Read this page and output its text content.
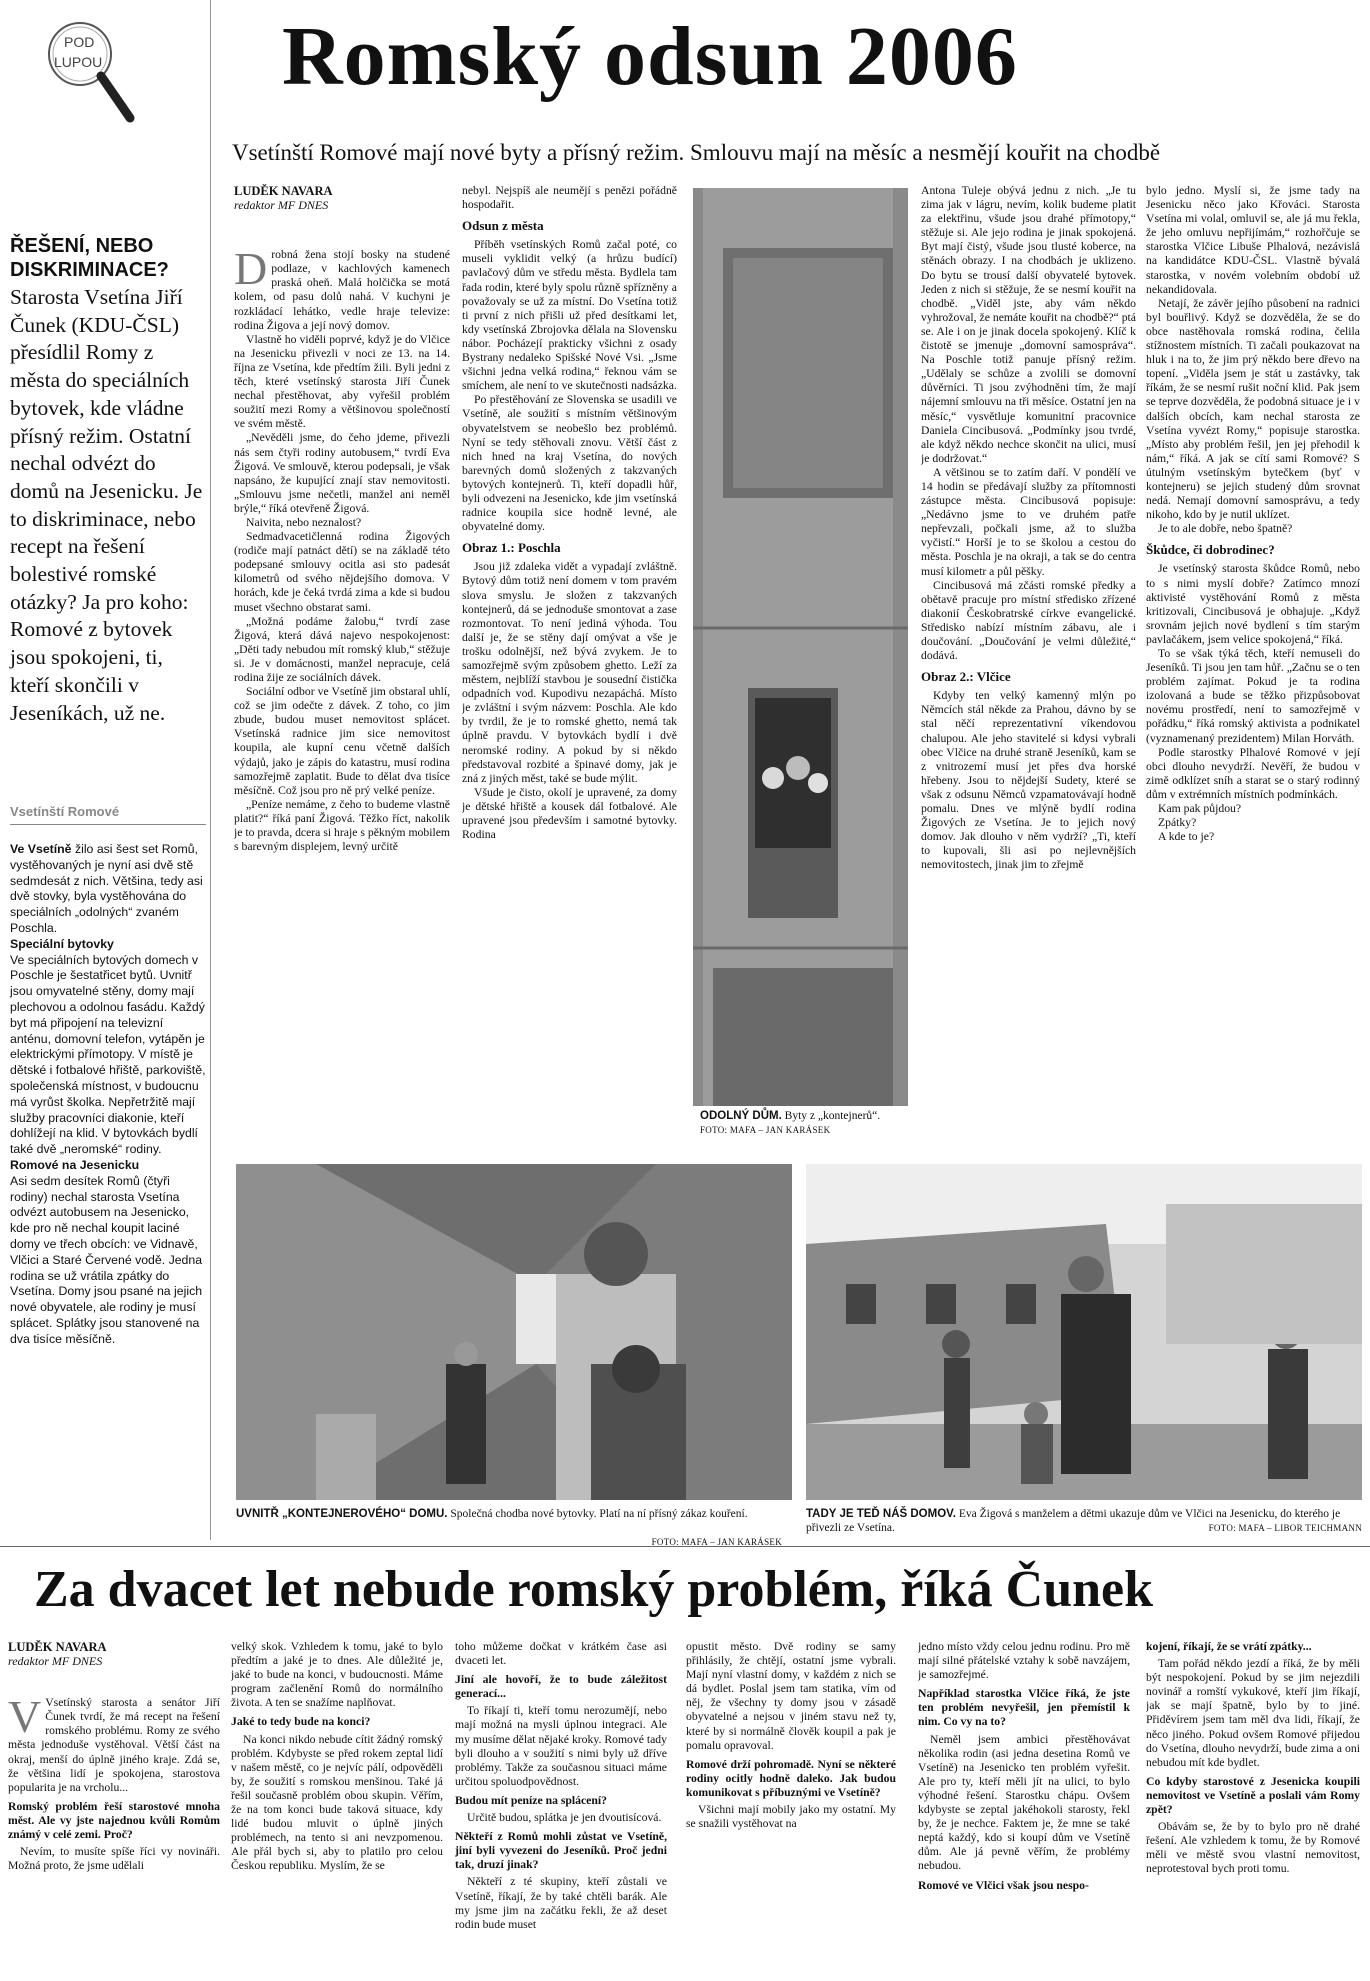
POD
LUPOU Romský odsun 2006
Vsetínští Romové mají nové byty a přísný režim. Smlouvu mají na měsíc a nesmějí kouřit na chodbě
ŘEŠENÍ, NEBO DISKRIMINACE?
Starosta Vsetína Jiří Čunek (KDU-ČSL) přesídlil Romy z města do speciálních bytovek, kde vládne přísný režim. Ostatní nechal odvézt do domů na Jesenicku. Je to diskriminace, nebo recept na řešení bolestivé romské otázky? Ja pro koho: Romové z bytovek jsou spokojeni, ti, kteří skončili v Jeseníkách, už ne.
Vsetínští Romové
Ve Vsetíně žilo asi šest set Romů, vystěhovaných je nyní asi dvě stě sedmdesát z nich. Většina, tedy asi dvě stovky, byla vystěhována do speciálních „odolných“ zvaném Poschla.
Speciální bytovky
Ve speciálních bytových domech v Poschle je šestatřicet bytů. Uvnitř jsou omyvatelné stěny, domy mají plechovou a odolnou fasádu. Každý byt má připojení na televizní anténu, domovní telefon, vytápěn je elektrickými přímotopy. V místě je dětské i fotbalové hřiště, parkoviště, společenská místnost, v budoucnu má vyrůst školka. Nepřetržitě mají služby pracovníci diakonie, kteří dohlížejí na klid. V bytovkách bydlí také dvě „neromské“ rodiny.
Romové na Jesenicku
Asi sedm desítek Romů (čtyři rodiny) nechal starosta Vsetína odvézt autobusem na Jesenicko, kde pro ně nechal koupit laciné domy ve třech obcích: ve Vidnavě, Vlčici a Staré Červené vodě. Jedna rodina se už vrátila zpátky do Vsetína. Domy jsou psané na jejich nové obyvatele, ale rodiny je musí splácet. Splátky jsou stanovené na dva tisíce měsíčně.
LUDĚK NAVARA
redaktor MF DNES

Drobná žena stojí bosky na studené podlaze, v kachlových kamenech praská oheň. Malá holčička se motá kolem, od pasu dolů nahá. V kuchyni je rozkládací lehátko, vedle hraje televize: rodina Žigova a její nový domov.

Vlastně ho viděli poprvé, když je do Vlčice na Jesenicku přivezli v noci ze 13. na 14. října ze Vsetína, kde předtím žili. Byli jedni z těch, které vsetínský starosta Jiří Čunek nechal přestěhovat, aby vyřešil problém soužití mezi Romy a většinovou společností ve svém městě.

„Nevěděli jsme, do čeho jdeme, přivezli nás sem čtyři rodiny autobusem,“ tvrdí Eva Žigová. Ve smlouvě, kterou podepsali, je však napsáno, že kupující znají stav nemovitosti. „Smlouvu jsme nečetli, manžel ani neměl brýle,“ říká otevřeně Žigová.

Naivita, nebo neznalost?

Sedmadvacetičlenná rodina Žigových (rodiče mají patnáct dětí) se na základě této podepsané smlouvy ocitla asi sto padesát kilometrů od svého nějdejšího domova. V horách, kde je čeká tvrdá zima a kde si budou muset všechno obstarat sami.

„Možná podáme žalobu,“ tvrdí zase Žigová, která dává najevo nespokojenost: „Děti tady nebudou mít romský klub,“ stěžuje si. Je v domácnosti, manžel nepracuje, celá rodina žije ze sociálních dávek.

Sociální odbor ve Vsetíně jim obstaral uhlí, což se jim odečte z dávek. Z toho, co jim zbude, budou muset nemovitost splácet. Vsetínská radnice jim sice nemovitost koupila, ale kupní cenu včetně dalších výdajů, jako je zápis do katastru, musí rodina samozřejmě zaplatit. Bude to dělat dva tisíce měsíčně. Což jsou pro ně prý velké peníze.

„Peníze nemáme, z čeho to budeme vlastně platit?“ říká paní Žigová. Těžko říct, nakolik je to pravda, dcera si hraje s pěkným mobilem s barevným displejem, levný určitě

nebyl. Nejspíš ale neumějí s penězi pořádně hospodařit.

Odsun z města

Příběh vsetínských Romů začal poté, co museli vyklidit velký (a hrůzu budící) pavlačový dům ve středu města. Bydlela tam řada rodin, které byly spolu různě spřízněny a považovaly se už za místní. Do Vsetína totiž ti první z nich přišli už před desítkami let, kdy vsetínská Zbrojovka dělala na Slovensku nábor. Pocházejí prakticky všichni z osady Bystrany nedaleko Spišské Nové Vsi. „Jsme všichni jedna velká rodina,“ řeknou vám se smíchem, ale není to ve skutečnosti nadsázka.

Po přestěhování ze Slovenska se usadili ve Vsetíně, ale soužití s místním většinovým obyvatelstvem se neobešlo bez problémů. Nyní se tedy stěhovali znovu. Větší část z nich hned na kraj Vsetína, do nových barevných domů složených z takzvaných bytových kontejnerů. Ti, kteří dopadli hůř, byli odvezeni na Jesenicko, kde jim vsetínská radnice koupila sice hodně levné, ale obyvatelné domy.

Obraz 1.: Poschla

Jsou již zdaleka vidět a vypadají zvláštně. Bytový dům totiž není domem v tom pravém slova smyslu. Je složen z takzvaných kontejnerů, dá se jednoduše smontovat a zase rozmontovat. To není jediná výhoda. Tou další je, že se stěny dají omývat a vše je trošku odolnější, než bývá zvykem. Je to samozřejmě svým způsobem ghetto. Leží za městem, nejblíží stavbou je sousední čistička odpadních vod. Kupodivu nezapáchá. Místo je zvláštní i svým názvem: Poschla. Ale kdo by tvrdil, že je to romské ghetto, nemá tak úplně pravdu. V bytovkách bydlí i dvě neromské rodiny. A pokud by si někdo představoval rozbité a špinavé domy, jak je zná z jiných měst, také se bude mýlit.

Všude je čisto, okolí je upravené, za domy je dětské hřiště a kousek dál fotbalové. Ale upravené jsou především i samotné bytovky. Rodina

ODOLNÝ DŮM. Byty z „kontejnerů“. FOTO: MAFA – JAN KARÁSEK

Antona Tuleje obývá jednu z nich. „Je tu zima jak v lágru, nevím, kolik budeme platit za elektřinu, všude jsou drahé přímotopy,“ stěžuje si. Ale jejo rodina je jinak spokojená. Byt mají čistý, všude jsou tlusté koberce, na stěnách obrazy. I na chodbách je uklizeno. Do bytu se trousí další obyvatelé bytovek. Jeden z nich si stěžuje, že se nesmí kouřit na chodbě. „Viděl jste, aby vám někdo vyhrožoval, že nemáte kouřit na chodbě?“ ptá se. Ale i on je jinak docela spokojený. Klíč k čistotě se jmenuje „domovní samospráva“. Na Poschle totiž panuje přísný režim. „Udělaly se schůze a zvolili se domovní důvěrníci. Ti jsou zvýhodněni tím, že mají nájemní smlouvu na tři měsíce. Ostatní jen na měsíc,“ vysvětluje komunitní pracovnice Daniela Cincibusová. „Podmínky jsou tvrdé, ale když někdo nechce skončit na ulici, musí je dodržovat.“

A většinou se to zatím daří. V pondělí ve 14 hodin se předávají služby za přítomnosti zástupce města. Cincibusová popisuje: „Nedávno jsme to ve druhém patře nepřevzali, počkali jsme, až to služba vyčistí.“ Horší je to se školou a cestou do města. Poschla je na okraji, a tak se do centra musí kilometr a půl pěšky.

Cincibusová má zčásti romské předky a obětavě pracuje pro místní středisko zřízené diakonií Českobratrské církve evangelické. Středisko nabízí místním zábavu, ale i doučování. „Doučování je velmi důležité,“ dodává.

Obraz 2.: Vlčice

Kdyby ten velký kamenný mlýn po Němcích stál někde za Prahou, dávno by se stal něčí reprezentativní víkendovou chalupou. Ale jeho stavitelé si kdysi vybrali obec Vlčice na druhé straně Jeseníků, kam se z vnitrozemí musí jet přes dva horské hřebeny. Jsou to nějdejší Sudety, které se však z odsunu Němců vzpamatovávají hodně pomalu. Dnes ve mlýně bydlí rodina Žigových ze Vsetína. Je to jejich nový domov. Jak dlouho v něm vydrží? „Ti, kteří to kupovali, šli asi po nejlevnějších nemovitostech, jinak jim to zřejmě

bylo jedno. Myslí si, že jsme tady na Jesenicku něco jako Křováci. Starosta Vsetína mi volal, omluvil se, ale já mu řekla, že jeho omluvu nepřijímám,“ rozhořčuje se starostka Vlčice Libuše Plhalová, nezávislá na kandidátce KDU-ČSL. Vlastně bývalá starostka, v novém volebním období už nekandidovala.

Netají, že závěr jejího působení na radnici byl bouřlivý. Když se dozvěděla, že se do obce nastěhovala romská rodina, čelila stížnostem místních. Ti začali poukazovat na hluk i na to, že jim prý někdo bere dřevo na topení. „Viděla jsem je stát u zastávky, tak říkám, že se nesmí rušit noční klid. Pak jsem se teprve dozvěděla, že podobná situace je i v dalších obcích, kam nechal starosta ze Vsetína vyvézt Romy,“ popisuje starostka. „Místo aby problém řešil, jen jej přehodil k nám,“ říká. A jak se cítí sami Romové? S útulným vsetínským bytečkem (byť v kontejneru) se jejich studený dům srovnat nedá. Nemají domovní samosprávu, a tedy nikoho, kdo by je nutil uklízet.

Je to ale dobře, nebo špatně?

Škůdce, či dobrodinec?

Je vsetínský starosta škůdce Romů, nebo to s nimi myslí dobře? Zatímco mnozí aktivisté vystěhování Romů z města kritizovali, Cincibusová je obhajuje. „Když srovnám jejich nové bydlení s tím starým pavlačákem, jsem velice spokojená,“ říká.

To se však týká těch, kteří nemuseli do Jeseníků. Ti jsou jen tam hůř. „Začnu se o ten problém zajímat. Pokud je ta rodina izolovaná a bude se těžko přizpůsobovat novému prostředí, není to samozřejmě v pořádku,“ říká romský aktivista a podnikatel (vyznamenaný prezidentem) Milan Horváth.

Podle starostky Plhalové Romové v její obci dlouho nevydrží. Nevěří, že budou v zimě odklízet sníh a starat se o starý rodinný dům v extrémních místních podmínkách.

Kam pak půjdou?

Zpátky?

A kde to je?

UVNITŘ „KONTEJNEROVÉHO“ DOMU. Společná chodba nové bytovky. Platí na ní přísný zákaz kouření.
FOTO: MAFA – JAN KARÁSEK
TADY JE TEĎ NÁŠ DOMOV. Eva Žigová s manželem a dětmi ukazuje dům ve Vlčici na Jesenicku, do kterého je přivezli ze Vsetína.	FOTO: MAFA – LIBOR TEICHMANN
Za dvacet let nebude romský problém, říká Čunek
LUDĚK NAVARA
redaktor MF DNES

V Vsetínský starosta a senátor Jiří Čunek tvrdí, že má recept na řešení romského problému. Romy ze svého města jednoduše vystěhoval. Větší část na okraj, menší do úplně jiného kraje. Zdá se, že většina lidí je spokojena, starostova popularita je na vrcholu...

Romský problém řeší starostové mnoha měst. Ale vy jste najednou kvůli Romům známý v celé zemi. Proč?

Nevím, to musíte spíše říci vy novináři. Možná proto, že jsme udělali

velký skok. Vzhledem k tomu, jaké to bylo předtím a jaké je to dnes. Ale důležité je, jaké to bude na konci, v budoucnosti. Máme program začlenění Romů do normálního života. A ten se snažíme naplňovat.

Jaké to tedy bude na konci?

Na konci nikdo nebude cítit žádný romský problém. Kdybyste se před rokem zeptal lidí v našem městě, co je nejvíc pálí, odpověděli by, že soužití s romskou menšinou. Také já řešil současně problém obou skupin. Věřím, že na tom konci bude taková situace, kdy lidé budou mluvit o úplně jiných problémech, na tento si ani nevzpomenou. Ale přál bych si, aby to platilo pro celou Českou republiku. Myslím, že se

toho můžeme dočkat v krátkém čase asi dvaceti let.

Jiní ale hovoří, že to bude záležitost generací...

To říkají ti, kteří tomu nerozumějí, nebo mají možná na mysli úplnou integraci. Ale my musíme dělat nějaké kroky. Romové tady byli dlouho a v soužití s nimi byly už dříve problémy. Takže za současnou situaci máme určitou spoluodpovědnost.

Budou mít peníze na splácení?

Určitě budou, splátka je jen dvoutisícová.

Někteří z Romů mohli zůstat ve Vsetíně, jiní byli vyvezeni do Jeseníků. Proč jedni tak, druzí jinak?

Někteří z té skupiny, kteří zůstali ve Vsetíně, říkají, že by také chtěli barák. Ale my jsme jim na začátku řekli, že až deset rodin bude muset

opustit město. Dvě rodiny se samy přihlásily, že chtějí, ostatní jsme vybrali. Mají nyní vlastní domy, v každém z nich se dá bydlet. Poslal jsem tam statika, vím od něj, že všechny ty domy jsou v zásadě obyvatelné a nejsou v jiném stavu než ty, které by si normálně člověk koupil a pak je pomalu opravoval.

Romové drží pohromadě. Nyní se některé rodiny ocitly hodně daleko. Jak budou komunikovat s příbuznými ve Vsetíně?

Všichni mají mobily jako my ostatní. My se snažili vystěhovat na

jedno místo vždy celou jednu rodinu. Pro mě mají silné přátelské vztahy k sobě navzájem, je samozřejmé.

Například starostka Vlčice říká, že jste ten problém nevyřešil, jen přemístil k nim. Co vy na to?

Neměl jsem ambici přestěhovávat několika rodin (asi jedna desetina Romů ve Vsetíně) na Jesenicko ten problém vyřešit. Ale pro ty, kteří měli jít na ulici, to bylo výhodné řešení. Starostku chápu. Ovšem kdybyste se zeptal jakéhokoli starosty, řekl by, že je nechce. Faktem je, že mne se také neptá každý, kdo si koupí dům ve Vsetíně dům. Ale já pevně věřím, že problémy nebudou.

Romové ve Vlčici však jsou nespo-

kojení, říkají, že se vrátí zpátky...

Tam pořád někdo jezdí a říká, že by měli být nespokojení. Pokud by se jim nejezdili novinář a romští vykukové, kteří jim říkají, jak se mají špatně, bylo by to jiné. Přiděvírem jsem tam měl dva lidi, říkají, že něco jiného. Pokud ovšem Romové přijedou do Vsetína, dlouho nevydrží, bude zima a oni nebudou mít kde bydlet.

Co kdyby starostové z Jesenicka koupili nemovitost ve Vsetíně a poslali vám Romy zpět?

Obávám se, že by to bylo pro ně drahé řešení. Ale vzhledem k tomu, že by Romové měli ve městě svou vlastní nemovitost, neprotestoval bych proti tomu.
